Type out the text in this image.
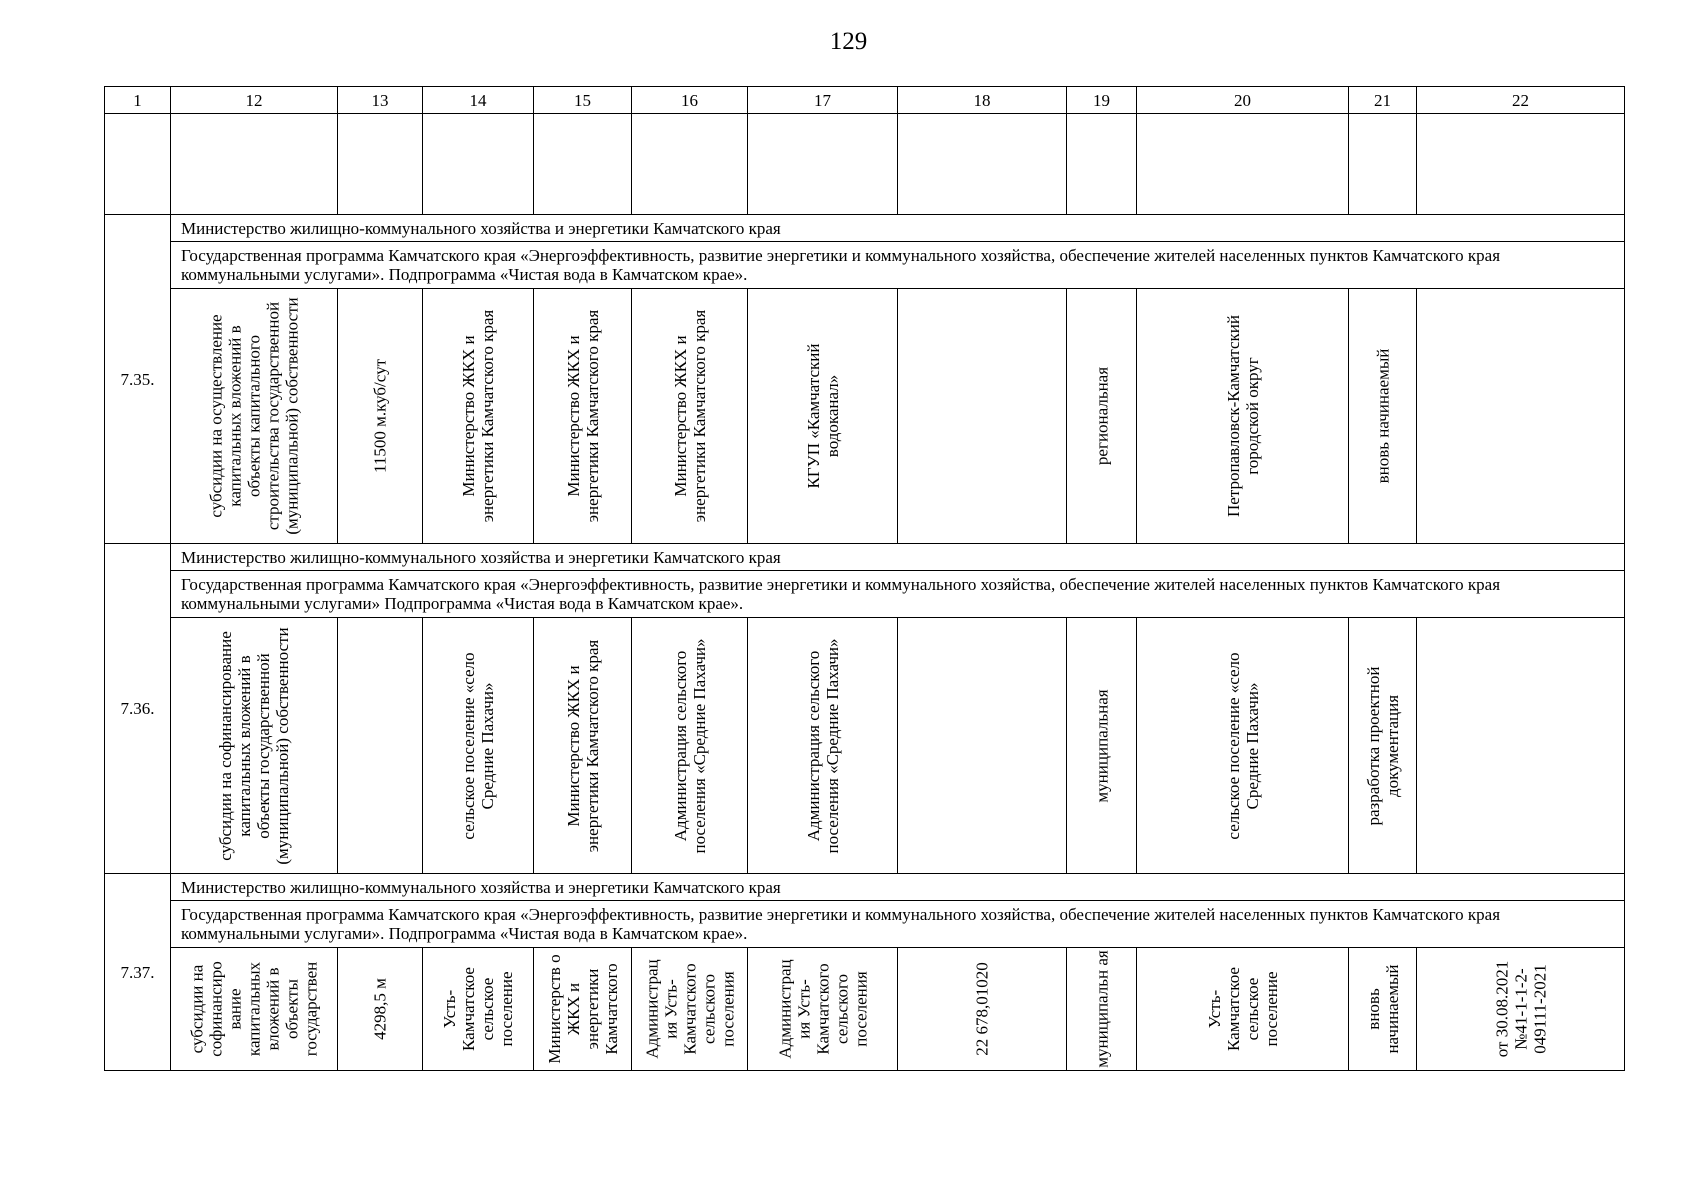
129
1	12	13	14	15	16	17	18	19	20	21	22

7.35.	Министерство жилищно-коммунального хозяйства и энергетики Камчатского края										
	Государственная программа Камчатского края «Энергоэффективность, развитие энергетики и коммунального хозяйства, обеспечение жителей населенных пунктов Камчатского края коммунальными услугами». Подпрограмма «Чистая вода в Камчатском крае».										

	субсидии на осуществление капитальных вложений в объекты капитального строительства государственной (муниципальной) собственности	11500 м.куб/сут	Министерство ЖКХ и энергетики Камчатского края	Министерство ЖКХ и энергетики Камчатского края	Министерство ЖКХ и энергетики Камчатского края	КГУП «Камчатский водоканал»		региональная	Петропавловск-Камчатский городской округ	вновь начинаемый	

7.36.	Министерство жилищно-коммунального хозяйства и энергетики Камчатского края										
	Государственная программа Камчатского края «Энергоэффективность, развитие энергетики и коммунального хозяйства, обеспечение жителей населенных пунктов Камчатского края коммунальными услугами» Подпрограмма «Чистая вода в Камчатском крае».										

	субсидии на софинансирование капитальных вложений в объекты государственной (муниципальной) собственности		сельское поселение «село Средние Пахачи»	Министерство ЖКХ и энергетики Камчатского края	Администрация сельского поселения «Средние Пахачи»	Администрация сельского поселения «Средние Пахачи»		муниципальная	сельское поселение «село Средние Пахачи»	разработка проектной документация	

7.37.	Министерство жилищно-коммунального хозяйства и энергетики Камчатского края										
	Государственная программа Камчатского края «Энергоэффективность, развитие энергетики и коммунального хозяйства, обеспечение жителей населенных пунктов Камчатского края коммунальными услугами». Подпрограмма «Чистая вода в Камчатском крае».										

	субсидии на софинансиро вание капитальных вложений в объекты государствен	4298,5 м	Усть-Камчатское сельское поселение	Министерств о ЖКХ и энергетики Камчатского	Администрац ия Усть-Камчатского сельского поселения	Администрац ия Усть-Камчатского сельского поселения	22 678,01020	муниципальн ая	Усть-Камчатское сельское поселение	вновь начинаемый	от 30.08.2021 №41-1-1-2-049111-2021
